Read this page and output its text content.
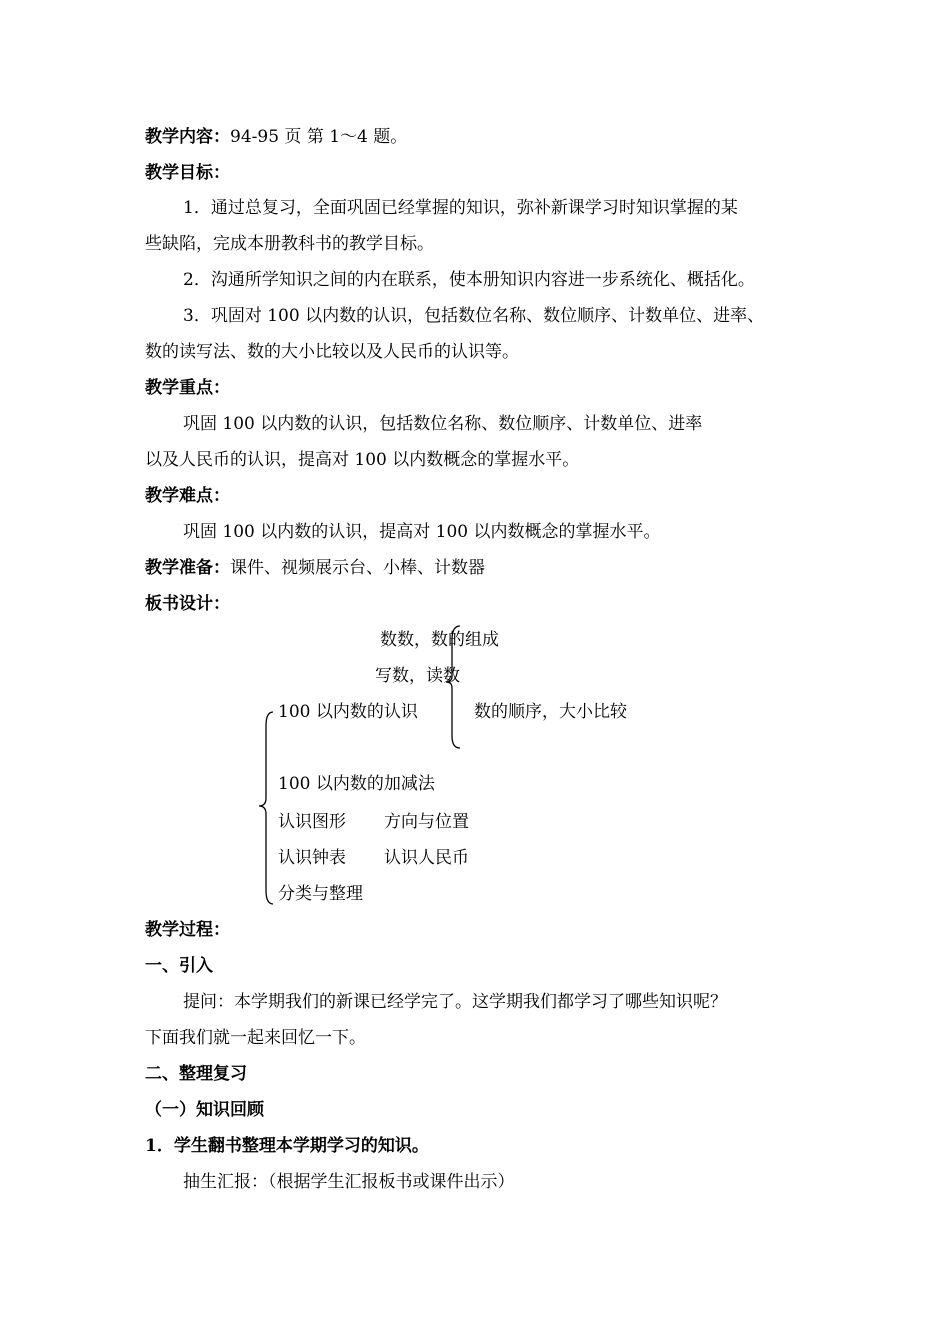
教学内容：94-95 页 第 1～4 题。
教学目标：
1．通过总复习，全面巩固已经掌握的知识，弥补新课学习时知识掌握的某
些缺陷，完成本册教科书的教学目标。
2．沟通所学知识之间的内在联系，使本册知识内容进一步系统化、概括化。
3．巩固对 100 以内数的认识，包括数位名称、数位顺序、计数单位、进率、
数的读写法、数的大小比较以及人民币的认识等。
教学重点：
巩固 100 以内数的认识，包括数位名称、数位顺序、计数单位、进率
以及人民币的认识，提高对 100 以内数概念的掌握水平。
教学难点：
巩固 100 以内数的认识，提高对 100 以内数概念的掌握水平。
教学准备：课件、视频展示台、小棒、计数器
板书设计：
数数，数的组成
写数，读数
100 以内数的认识	数的顺序，大小比较
100 以内数的加减法
认识图形 方向与位置
认识钟表 认识人民币
分类与整理
教学过程：
一、引入
提问：本学期我们的新课已经学完了。这学期我们都学习了哪些知识呢？
下面我们就一起来回忆一下。
二、整理复习
（一）知识回顾
1．学生翻书整理本学期学习的知识。
抽生汇报：（根据学生汇报板书或课件出示）
